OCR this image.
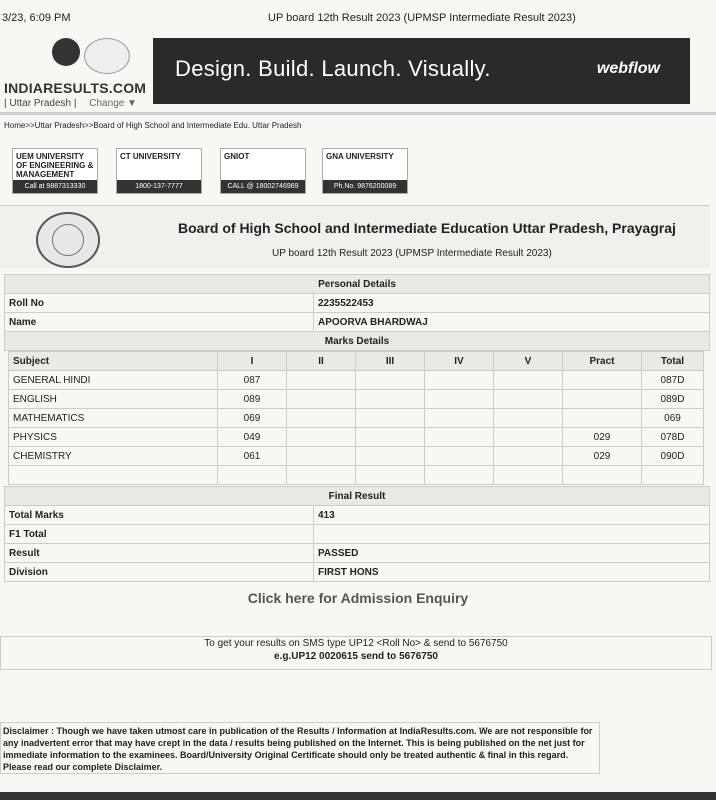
3/23, 6:09 PM	UP board 12th Result 2023 (UPMSP Intermediate Result 2023)
INDIARESULTS.COM
| Uttar Pradesh | Change ▼
Design. Build. Launch. Visually.	webflow
Home>>Uttar Pradesh>>Board of High School and Intermediate Edu. Uttar Pradesh
UEM UNIVERSITY OF ENGINEERING & MANAGEMENT
Call at 9887313330
CT UNIVERSITY
1800-137-7777
GNIOT
CALL @ 18002746969
GNA UNIVERSITY
Ph.No. 9876200089
Board of High School and Intermediate Education Uttar Pradesh, Prayagraj
UP board 12th Result 2023 (UPMSP Intermediate Result 2023)
Personal Details	
Roll No	2235522453
Name	APOORVA BHARDWAJ
Marks Details	
Subject	I	II	III	IV	V	Pract	Total
GENERAL HINDI	087						087D
ENGLISH	089						089D
MATHEMATICS	069						069
PHYSICS	049					029	078D
CHEMISTRY	061					029	090D

Final Result	
Total Marks	413
F1 Total	
Result	PASSED
Division	FIRST HONS
Click here for Admission Enquiry
To get your results on SMS type UP12 <Roll No> & send to 5676750
e.g.UP12 0020615 send to 5676750
Disclaimer : Though we have taken utmost care in publication of the Results / Information at IndiaResults.com. We are not responsible for any inadvertent error that may have crept in the data / results being published on the Internet. This is being published on the net just for immediate information to the examinees. Board/University Original Certificate should only be treated authentic & final in this regard. Please read our complete Disclaimer.
